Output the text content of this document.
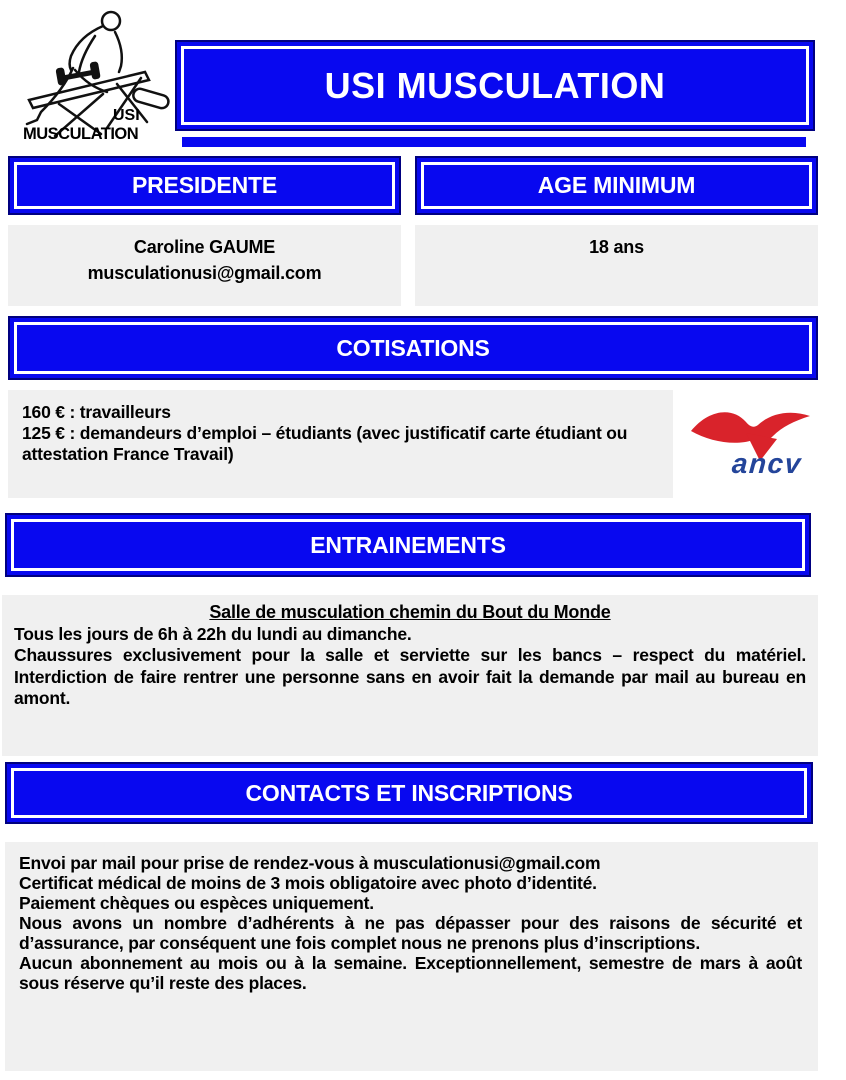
USI
MUSCULATION
USI MUSCULATION
PRESIDENTE	AGE MINIMUM
Caroline GAUME
musculationusi@gmail.com
18 ans
COTISATIONS

160 € : travailleurs

125 € : demandeurs d’emploi – étudiants (avec justificatif carte étudiant ou attestation France Travail)	ancv
ENTRAINEMENTS

Salle de musculation chemin du Bout du Monde

Tous les jours de 6h à 22h du lundi au dimanche.

Chaussures exclusivement pour la salle et serviette sur les bancs – respect du matériel. Interdiction de faire rentrer une personne sans en avoir fait la demande par mail au bureau en amont.

CONTACTS ET INSCRIPTIONS

Envoi par mail pour prise de rendez-vous à musculationusi@gmail.com

Certificat médical de moins de 3 mois obligatoire avec photo d’identité.

Paiement chèques ou espèces uniquement.

Nous avons un nombre d’adhérents à ne pas dépasser pour des raisons de sécurité et d’assurance, par conséquent une fois complet nous ne prenons plus d’inscriptions.

Aucun abonnement au mois ou à la semaine. Exceptionnellement, semestre de mars à août sous réserve qu’il reste des places.
